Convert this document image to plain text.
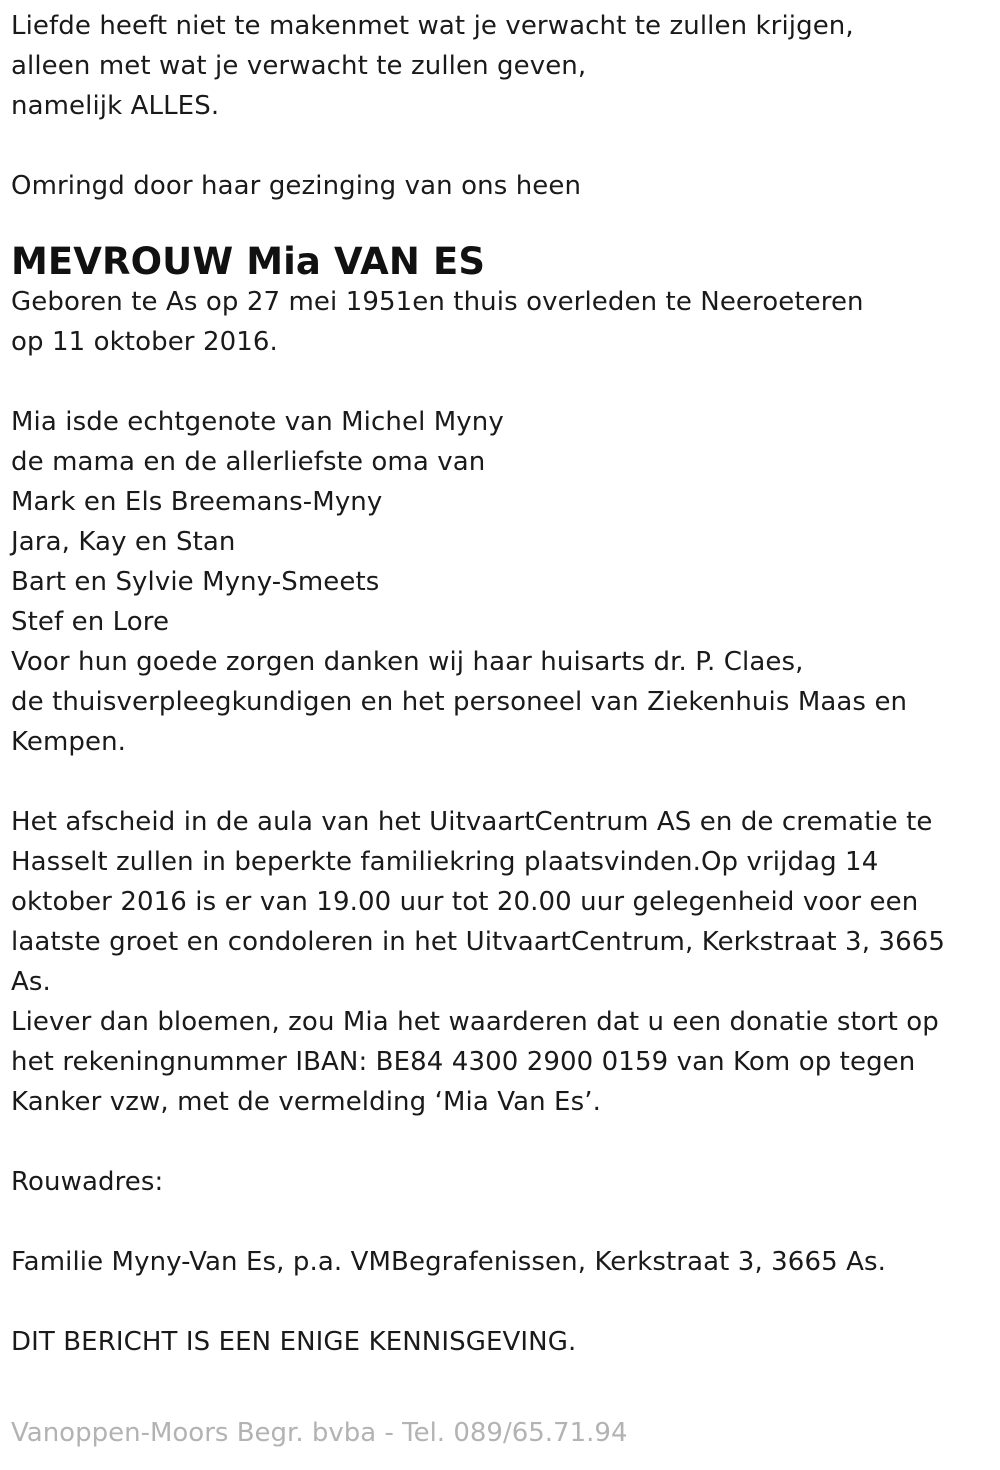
Liefde heeft niet te makenmet wat je verwacht te zullen krijgen,
alleen met wat je verwacht te zullen geven,
namelijk ALLES.
Omringd door haar gezinging van ons heen
MEVROUW Mia VAN ES
Geboren te As op 27 mei 1951en thuis overleden te Neeroeteren
op 11 oktober 2016.
Mia isde echtgenote van Michel Myny
de mama en de allerliefste oma van
Mark en Els Breemans-Myny
Jara, Kay en Stan
Bart en Sylvie Myny-Smeets
Stef en Lore
Voor hun goede zorgen danken wij haar huisarts dr. P. Claes,
de thuisverpleegkundigen en het personeel van Ziekenhuis Maas en
Kempen.
Het afscheid in de aula van het UitvaartCentrum AS en de crematie te
Hasselt zullen in beperkte familiekring plaatsvinden.Op vrijdag 14
oktober 2016 is er van 19.00 uur tot 20.00 uur gelegenheid voor een
laatste groet en condoleren in het UitvaartCentrum, Kerkstraat 3, 3665
As.
Liever dan bloemen, zou Mia het waarderen dat u een donatie stort op
het rekeningnummer IBAN: BE84 4300 2900 0159 van Kom op tegen
Kanker vzw, met de vermelding ‘Mia Van Es’.
Rouwadres:
Familie Myny-Van Es, p.a. VMBegrafenissen, Kerkstraat 3, 3665 As.
DIT BERICHT IS EEN ENIGE KENNISGEVING.
Vanoppen-Moors Begr. bvba - Tel. 089/65.71.94
